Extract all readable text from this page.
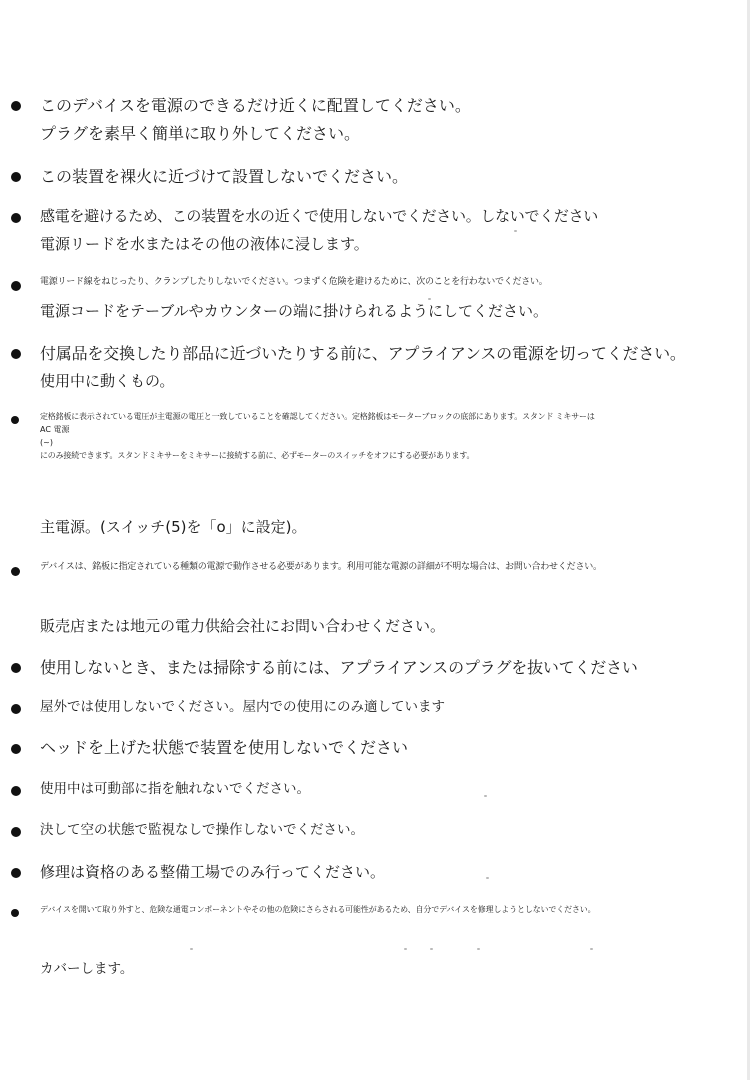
このデバイスを電源のできるだけ近くに配置してください。
プラグを素早く簡単に取り外してください。
この装置を裸火に近づけて設置しないでください。
感電を避けるため、この装置を水の近くで使用しないでください。しないでください
電源リードを水またはその他の液体に浸します。
電源リード線をねじったり、クランプしたりしないでください。つまずく危険を避けるために、次のことを行わないでください。
電源コードをテーブルやカウンターの端に掛けられるようにしてください。
付属品を交換したり部品に近づいたりする前に、アプライアンスの電源を切ってください。
使用中に動くもの。
定格銘板に表示されている電圧が主電源の電圧と一致していることを確認してください。定格銘板はモーターブロックの底部にあります。スタンド ミキサーは
AC 電源
(~)
にのみ接続できます。スタンドミキサーをミキサーに接続する前に、必ずモーターのスイッチをオフにする必要があります。
主電源。(スイッチ(5)を「o」に設定)。
デバイスは、銘板に指定されている種類の電源で動作させる必要があります。利用可能な電源の詳細が不明な場合は、お問い合わせください。
販売店または地元の電力供給会社にお問い合わせください。
使用しないとき、または掃除する前には、アプライアンスのプラグを抜いてください
屋外では使用しないでください。屋内での使用にのみ適しています
ヘッドを上げた状態で装置を使用しないでください
使用中は可動部に指を触れないでください。
決して空の状態で監視なしで操作しないでください。
修理は資格のある整備工場でのみ行ってください。
デバイスを開いて取り外すと、危険な通電コンポーネントやその他の危険にさらされる可能性があるため、自分でデバイスを修理しようとしないでください。
カバーします。
